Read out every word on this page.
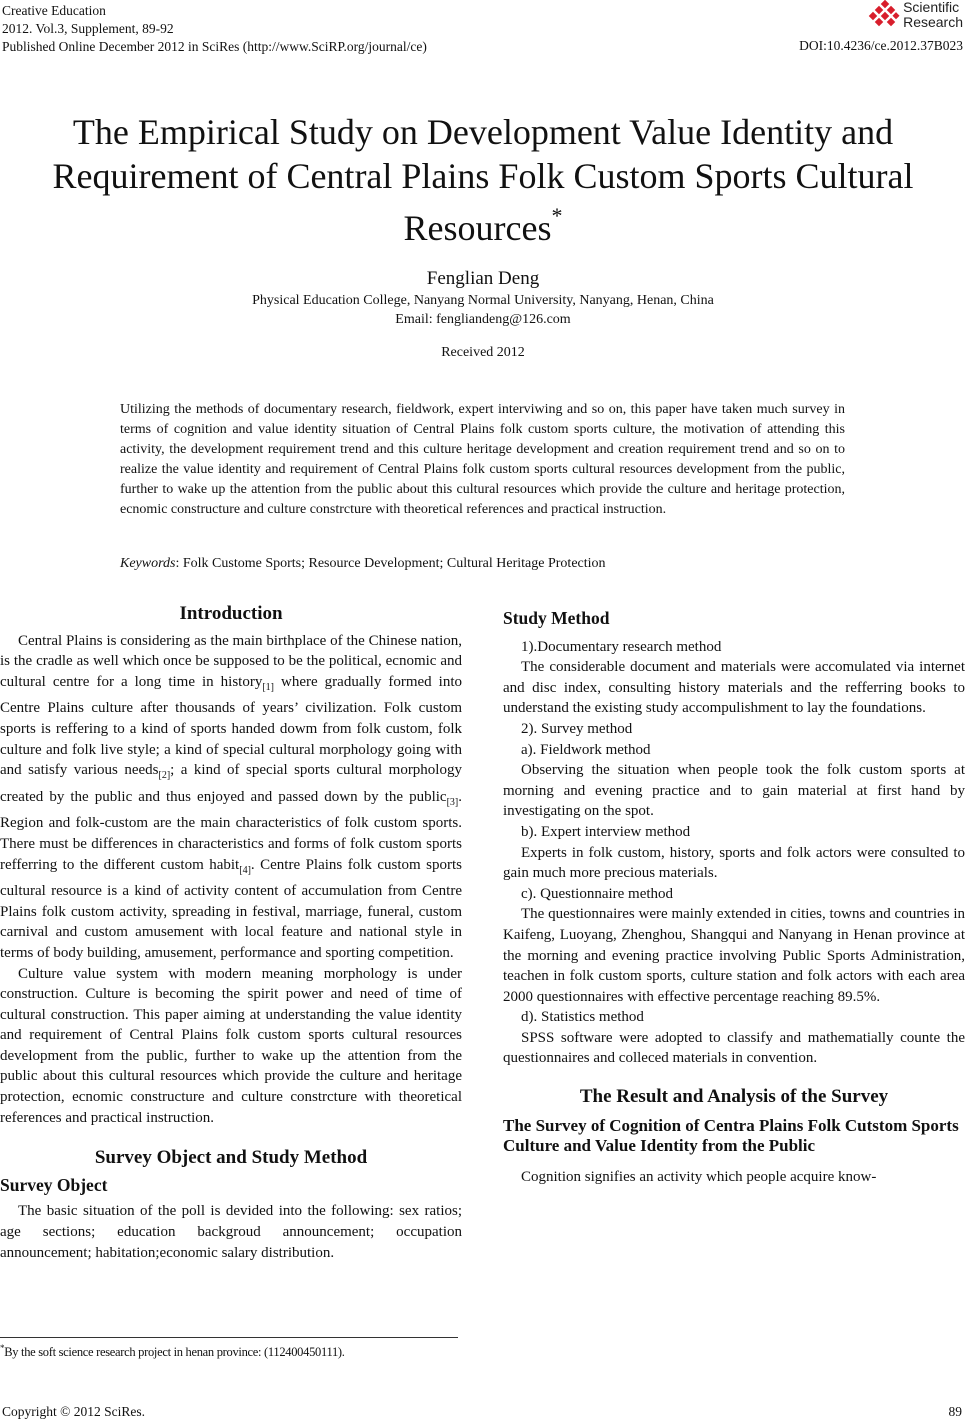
Creative Education
2012. Vol.3, Supplement, 89-92
Published Online December 2012 in SciRes (http://www.SciRP.org/journal/ce)
Scientific
Research
DOI:10.4236/ce.2012.37B023
The Empirical Study on Development Value Identity and
Requirement of Central Plains Folk Custom Sports Cultural
Resources*
Fenglian Deng
Physical Education College, Nanyang Normal University, Nanyang, Henan, China
Email: fengliandeng@126.com
Received 2012
Utilizing the methods of documentary research, fieldwork, expert interviwing and so on, this paper have taken much survey in terms of cognition and value identity situation of Central Plains folk custom sports culture, the motivation of attending this activity, the development requirement trend and this culture heritage development and creation requirement trend and so on to realize the value identity and requirement of Central Plains folk custom sports cultural resources development from the public, further to wake up the attention from the public about this cultural resources which provide the culture and heritage protection, ecnomic constructure and culture constrcture with theoretical references and practical instruction.
Keywords: Folk Custome Sports; Resource Development; Cultural Heritage Protection
Introduction

Central Plains is considering as the main birthplace of the Chinese nation, is the cradle as well which once be supposed to be the political, ecnomic and cultural centre for a long time in history$_{[1]}$ where gradually formed into Centre Plains culture after thousands of years’ civilization. Folk custom sports is reffering to a kind of sports handed dowm from folk custom, folk culture and folk live style; a kind of special cultural morphology going with and satisfy various needs$_{[2]}$; a kind of special sports cultural morphology created by the public and thus enjoyed and passed down by the public$_{[3]}$. Region and folk-custom are the main characteristics of folk custom sports. There must be differences in characteristics and forms of folk custom sports refferring to the different custom habit$_{[4]}$. Centre Plains folk custom sports cultural resource is a kind of activity content of accumulation from Centre Plains folk custom activity, spreading in festival, marriage, funeral, custom carnival and custom amusement with local feature and national style in terms of body building, amusement, performance and sporting competition.

Culture value system with modern meaning morphology is under construction. Culture is becoming the spirit power and need of time of cultural construction. This paper aiming at understanding the value identity and requirement of Central Plains folk custom sports cultural resources development from the public, further to wake up the attention from the public about this cultural resources which provide the culture and heritage protection, ecnomic constructure and culture constrcture with theoretical references and practical instruction.

Survey Object and Study Method
Survey Object

The basic situation of the poll is devided into the following: sex ratios; age sections; education backgroud announcement; occupation announcement; habitation;economic salary distribution.

Study Method

1).Documentary research method

The considerable document and materials were accomulated via internet and disc index, consulting history materials and the refferring books to understand the existing study accompulishment to lay the foundations.

2). Survey method

a). Fieldwork method

Observing the situation when people took the folk custom sports at morning and evening practice and to gain material at first hand by investigating on the spot.

b). Expert interview method

Experts in folk custom, history, sports and folk actors were consulted to gain much more precious materials.

c). Questionnaire method

The questionnaires were mainly extended in cities, towns and countries in Kaifeng, Luoyang, Zhenghou, Shangqui and Nanyang in Henan province at the morning and evening practice involving Public Sports Administration, teachen in folk custom sports, culture station and folk actors with each area 2000 questionnaires with effective percentage reaching 89.5%.

d). Statistics method

SPSS software were adopted to classify and mathematially counte the questionnaires and colleced materials in convention.

The Result and Analysis of the Survey
The Survey of Cognition of Centra Plains Folk Cutstom Sports Culture and Value Identity from the Public

Cognition signifies an activity which people acquire know-

*By the soft science research project in henan province: (112400450111).
Copyright © 2012 SciRes.	89
